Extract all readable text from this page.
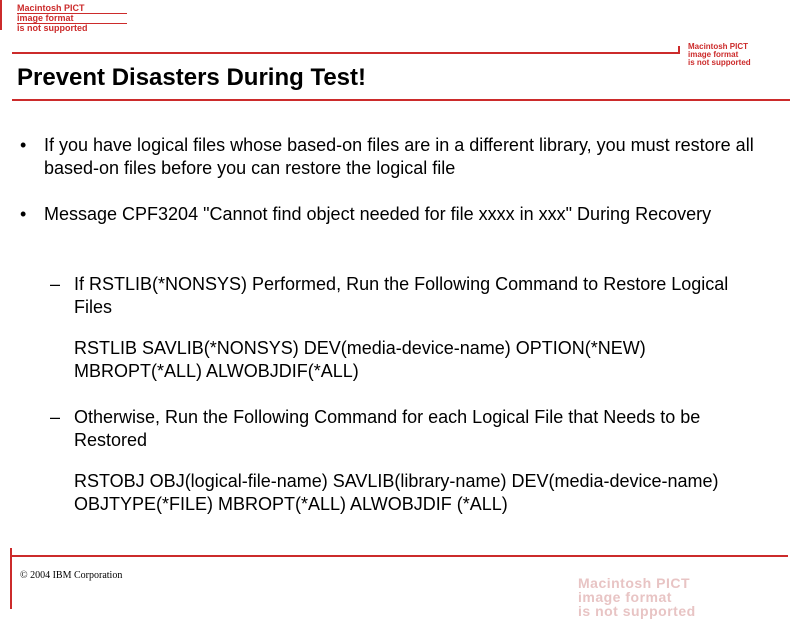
Macintosh PICT
image format
is not supported
Macintosh PICT
image format
is not supported
Prevent Disasters During Test!
• If you have logical files whose based-on files are in a different library, you must restore all based-on files before you can restore the logical file
• Message CPF3204 "Cannot find object needed for file xxxx in xxx" During Recovery
– If RSTLIB(*NONSYS) Performed, Run the Following Command to Restore Logical Files
RSTLIB SAVLIB(*NONSYS) DEV(media-device-name) OPTION(*NEW) MBROPT(*ALL) ALWOBJDIF(*ALL)
– Otherwise, Run the Following Command for each Logical File that Needs to be Restored
RSTOBJ OBJ(logical-file-name) SAVLIB(library-name) DEV(media-device-name) OBJTYPE(*FILE) MBROPT(*ALL) ALWOBJDIF (*ALL)
© 2004 IBM Corporation	Macintosh PICT
image format
is not supported
